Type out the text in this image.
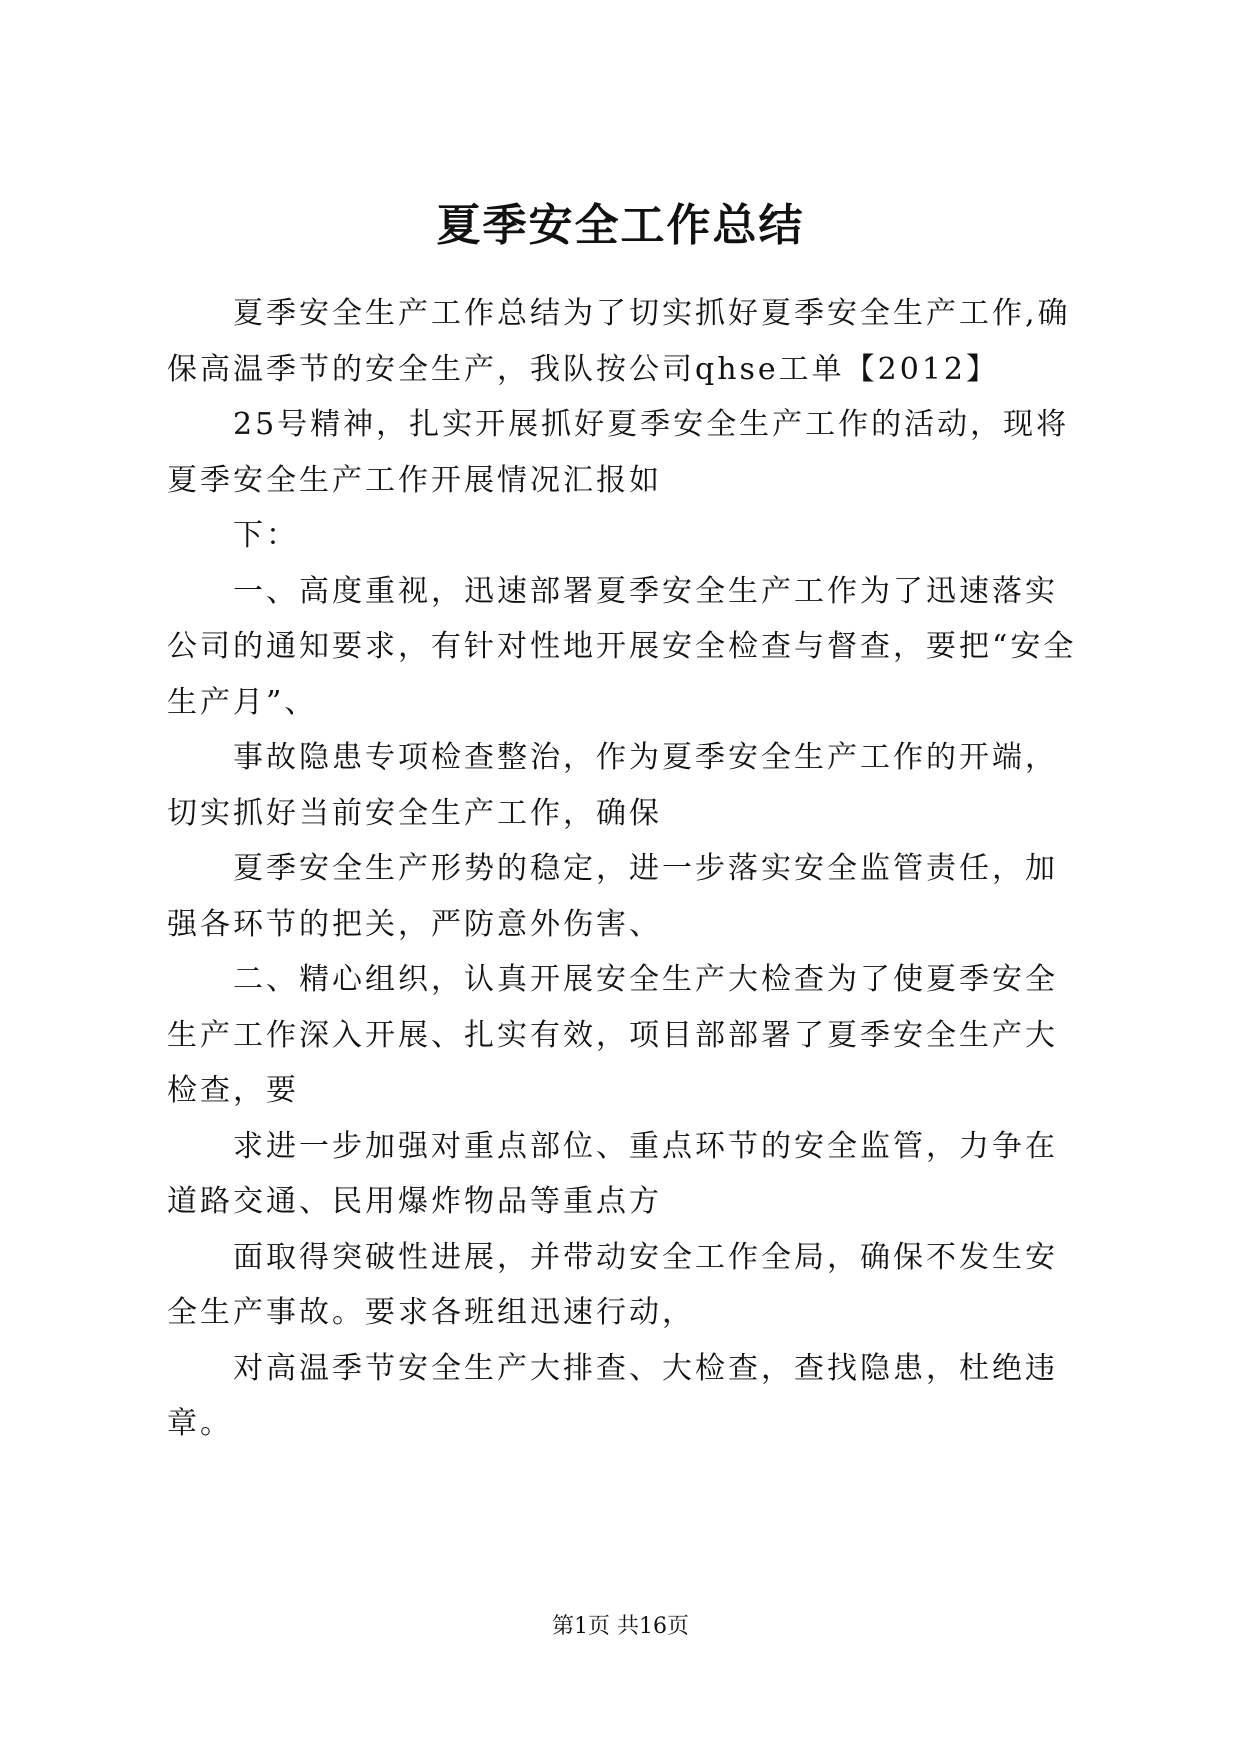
夏季安全工作总结

夏季安全生产工作总结为了切实抓好夏季安全生产工作,确保高温季节的安全生产，我队按公司qhse工单【2012】

25号精神，扎实开展抓好夏季安全生产工作的活动，现将夏季安全生产工作开展情况汇报如

下：

一、高度重视，迅速部署夏季安全生产工作为了迅速落实公司的通知要求，有针对性地开展安全检查与督查，要把“安全生产月”、

事故隐患专项检查整治，作为夏季安全生产工作的开端，切实抓好当前安全生产工作，确保

夏季安全生产形势的稳定，进一步落实安全监管责任，加强各环节的把关，严防意外伤害、

二、精心组织，认真开展安全生产大检查为了使夏季安全生产工作深入开展、扎实有效，项目部部署了夏季安全生产大检查，要

求进一步加强对重点部位、重点环节的安全监管，力争在道路交通、民用爆炸物品等重点方

面取得突破性进展，并带动安全工作全局，确保不发生安全生产事故。要求各班组迅速行动，

对高温季节安全生产大排查、大检查，查找隐患，杜绝违章。

第1页 共16页
